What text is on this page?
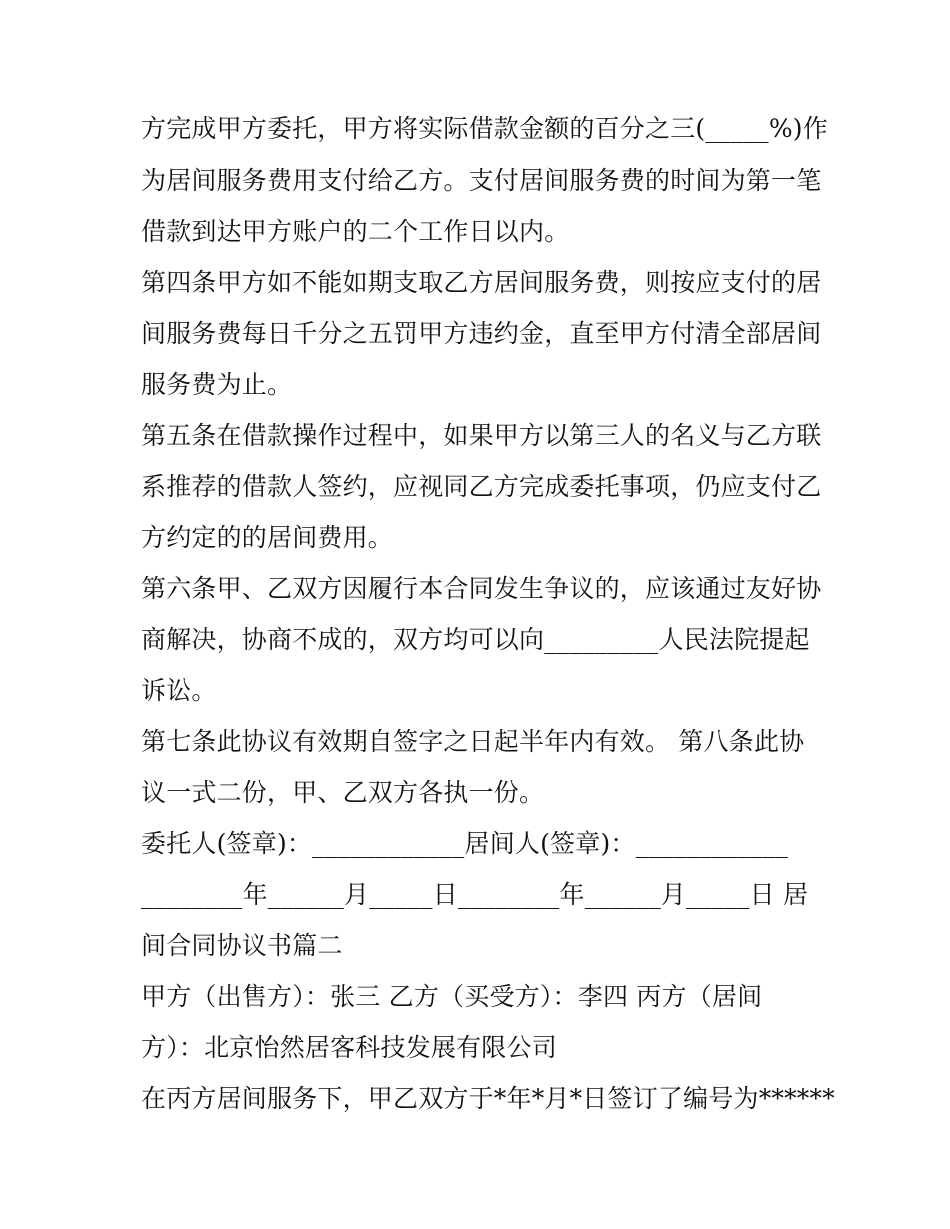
方完成甲方委托，甲方将实际借款金额的百分之三(_____%)作
为居间服务费用支付给乙方。支付居间服务费的时间为第一笔
借款到达甲方账户的二个工作日以内。
第四条甲方如不能如期支取乙方居间服务费，则按应支付的居
间服务费每日千分之五罚甲方违约金，直至甲方付清全部居间
服务费为止。
第五条在借款操作过程中，如果甲方以第三人的名义与乙方联
系推荐的借款人签约，应视同乙方完成委托事项，仍应支付乙
方约定的的居间费用。
第六条甲、乙双方因履行本合同发生争议的，应该通过友好协
商解决，协商不成的，双方均可以向_________人民法院提起
诉讼。
第七条此协议有效期自签字之日起半年内有效。 第八条此协
议一式二份，甲、乙双方各执一份。
委托人(签章)：____________居间人(签章)：____________
________年______月_____日________年______月_____日 居
间合同协议书篇二
甲方（出售方）：张三 乙方（买受方）：李四 丙方（居间
方）：北京怡然居客科技发展有限公司
在丙方居间服务下，甲乙双方于*年*月*日签订了编号为******
